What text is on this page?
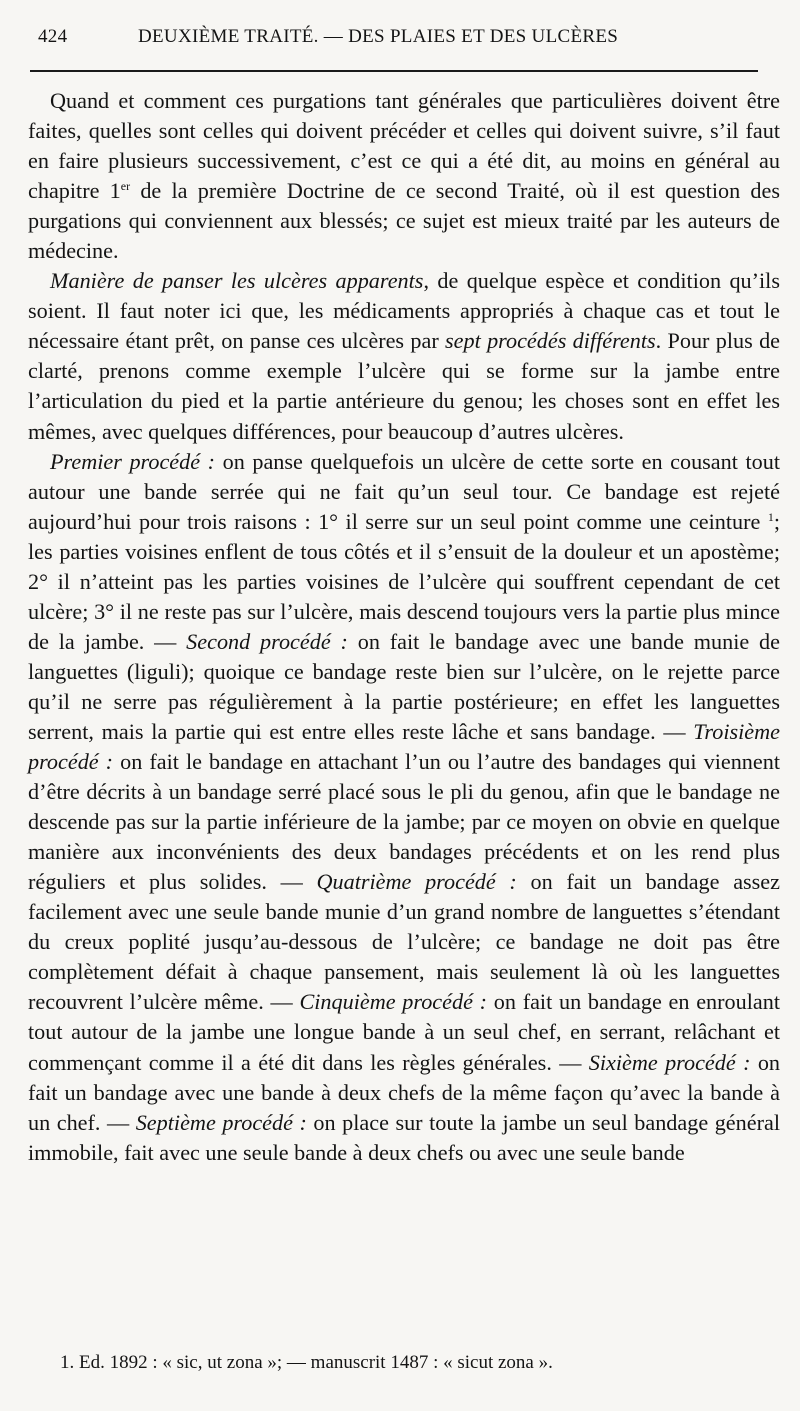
424	DEUXIÈME TRAITÉ. — DES PLAIES ET DES ULCÈRES

Quand et comment ces purgations tant générales que particulières doivent être faites, quelles sont celles qui doivent précéder et celles qui doivent suivre, s’il faut en faire plusieurs successivement, c’est ce qui a été dit, au moins en général au chapitre 1er de la première Doctrine de ce second Traité, où il est question des purgations qui conviennent aux blessés; ce sujet est mieux traité par les auteurs de médecine.

Manière de panser les ulcères apparents, de quelque espèce et condition qu’ils soient. Il faut noter ici que, les médicaments appropriés à chaque cas et tout le nécessaire étant prêt, on panse ces ulcères par sept procédés différents. Pour plus de clarté, prenons comme exemple l’ulcère qui se forme sur la jambe entre l’articulation du pied et la partie antérieure du genou; les choses sont en effet les mêmes, avec quelques différences, pour beaucoup d’autres ulcères.

Premier procédé : on panse quelquefois un ulcère de cette sorte en cousant tout autour une bande serrée qui ne fait qu’un seul tour. Ce bandage est rejeté aujourd’hui pour trois raisons : 1° il serre sur un seul point comme une ceinture $^1$; les parties voisines enflent de tous côtés et il s’ensuit de la douleur et un apostème; 2° il n’atteint pas les parties voisines de l’ulcère qui souffrent cependant de cet ulcère; 3° il ne reste pas sur l’ulcère, mais descend toujours vers la partie plus mince de la jambe. — Second procédé : on fait le bandage avec une bande munie de languettes (liguli); quoique ce bandage reste bien sur l’ulcère, on le rejette parce qu’il ne serre pas régulièrement à la partie postérieure; en effet les languettes serrent, mais la partie qui est entre elles reste lâche et sans bandage. — Troisième procédé : on fait le bandage en attachant l’un ou l’autre des bandages qui viennent d’être décrits à un bandage serré placé sous le pli du genou, afin que le bandage ne descende pas sur la partie inférieure de la jambe; par ce moyen on obvie en quelque manière aux inconvénients des deux bandages précédents et on les rend plus réguliers et plus solides. — Quatrième procédé : on fait un bandage assez facilement avec une seule bande munie d’un grand nombre de languettes s’étendant du creux poplité jusqu’au-dessous de l’ulcère; ce bandage ne doit pas être complètement défait à chaque pansement, mais seulement là où les languettes recouvrent l’ulcère même. — Cinquième procédé : on fait un bandage en enroulant tout autour de la jambe une longue bande à un seul chef, en serrant, relâchant et commençant comme il a été dit dans les règles générales. — Sixième procédé : on fait un bandage avec une bande à deux chefs de la même façon qu’avec la bande à un chef. — Septième procédé : on place sur toute la jambe un seul bandage général immobile, fait avec une seule bande à deux chefs ou avec une seule bande

1. Ed. 1892 : « sic, ut zona »; — manuscrit 1487 : « sicut zona ».
